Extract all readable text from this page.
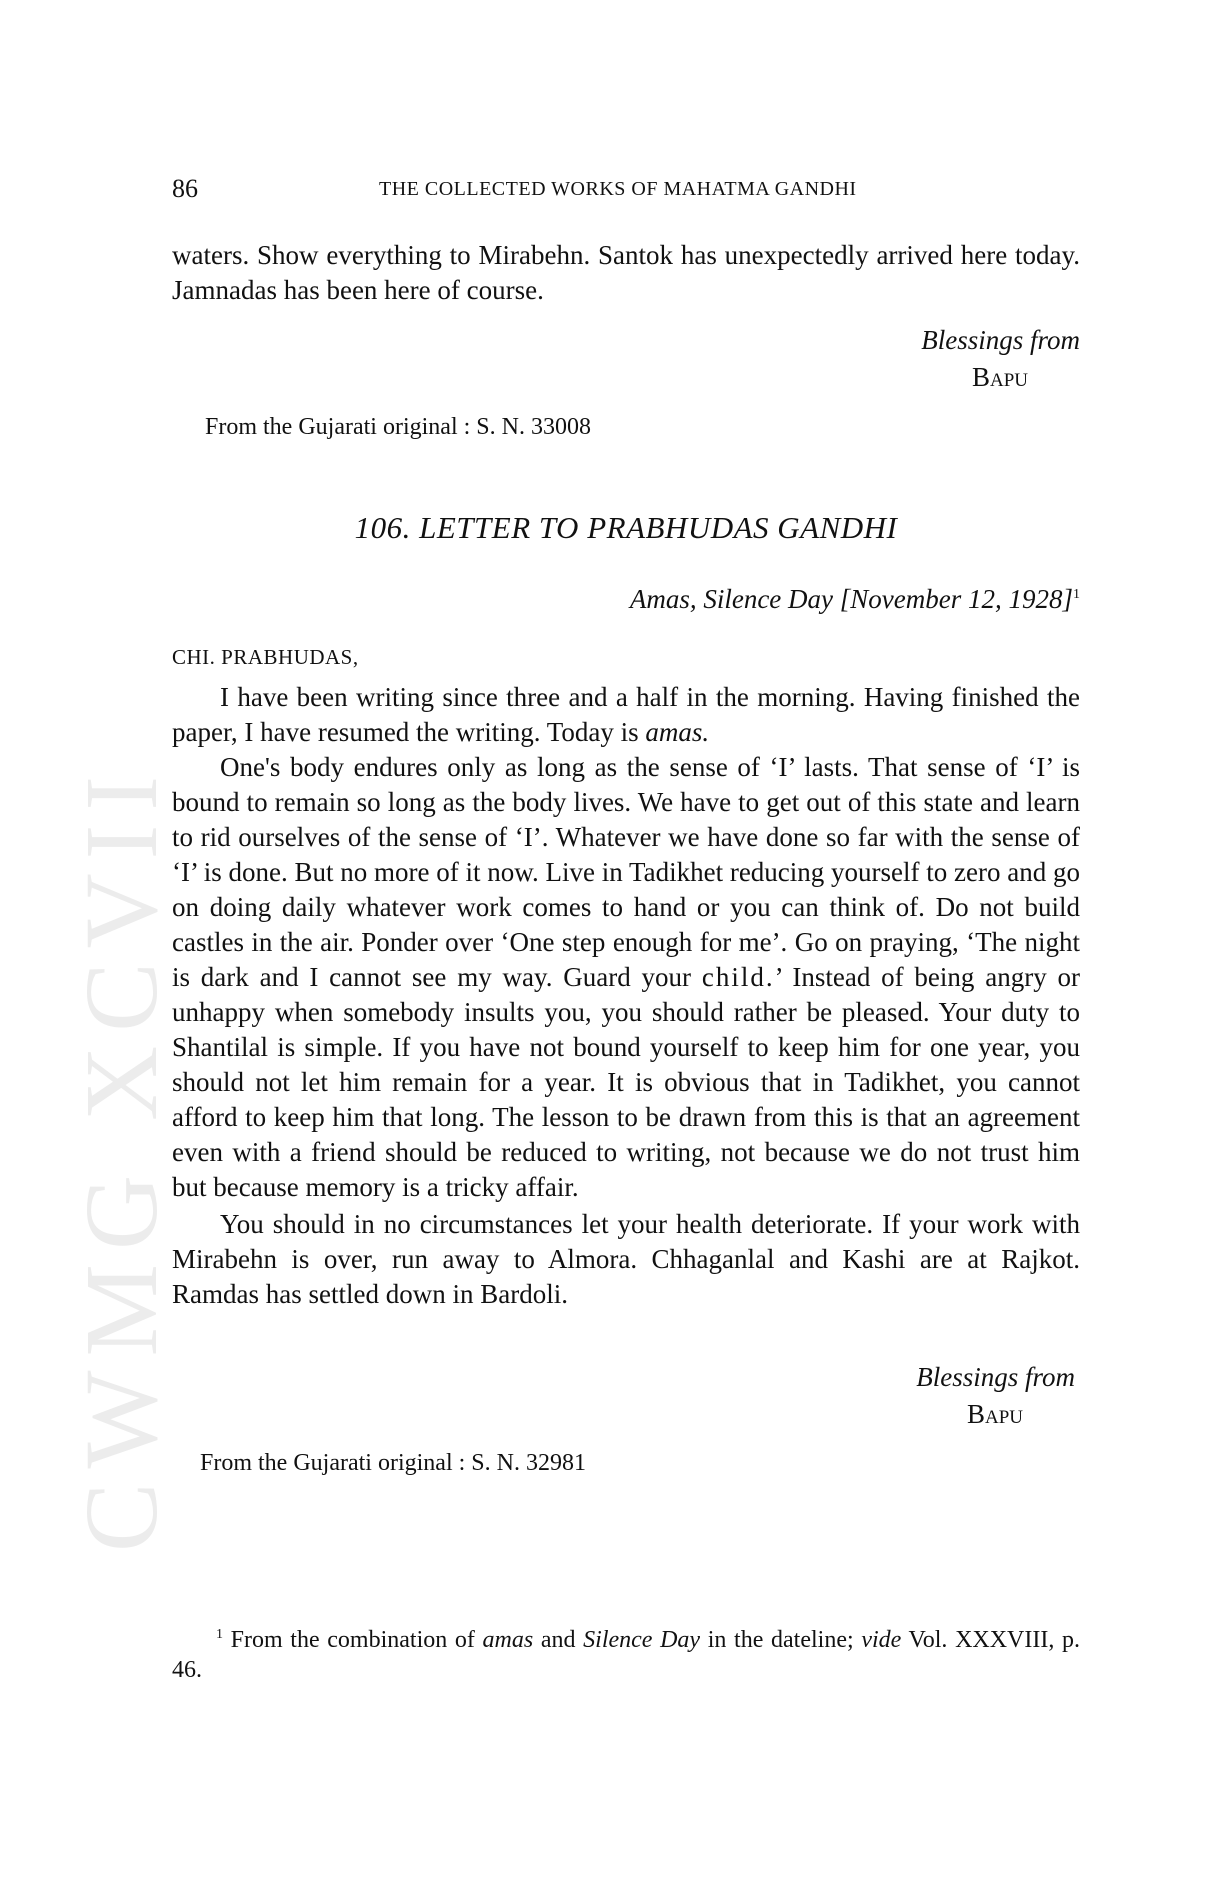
CWMG XCVII
86	THE COLLECTED WORKS OF MAHATMA GANDHI

waters. Show everything to Mirabehn. Santok has unexpectedly arrived here today. Jamnadas has been here of course.

Blessings from
Bapu
From the Gujarati original : S. N. 33008
106. LETTER TO PRABHUDAS GANDHI
Amas, Silence Day [November 12, 1928]$^1$
CHI. PRABHUDAS,

I have been writing since three and a half in the morning. Having finished the paper, I have resumed the writing. Today is amas.

One's body endures only as long as the sense of ‘I’ lasts. That sense of ‘I’ is bound to remain so long as the body lives. We have to get out of this state and learn to rid ourselves of the sense of ‘I’. Whatever we have done so far with the sense of ‘I’ is done. But no more of it now. Live in Tadikhet reducing yourself to zero and go on doing daily whatever work comes to hand or you can think of. Do not build castles in the air. Ponder over ‘One step enough for me’. Go on praying, ‘The night is dark and I cannot see my way. Guard your child.’ Instead of being angry or unhappy when somebody insults you, you should rather be pleased. Your duty to Shantilal is simple. If you have not bound yourself to keep him for one year, you should not let him remain for a year. It is obvious that in Tadikhet, you cannot afford to keep him that long. The lesson to be drawn from this is that an agreement even with a friend should be reduced to writing, not because we do not trust him but because memory is a tricky affair.

You should in no circumstances let your health deteriorate. If your work with Mirabehn is over, run away to Almora. Chhaganlal and Kashi are at Rajkot. Ramdas has settled down in Bardoli.

Blessings from
Bapu
From the Gujarati original : S. N. 32981

$^1$ From the combination of amas and Silence Day in the dateline; vide Vol. XXXVIII, p. 46.
